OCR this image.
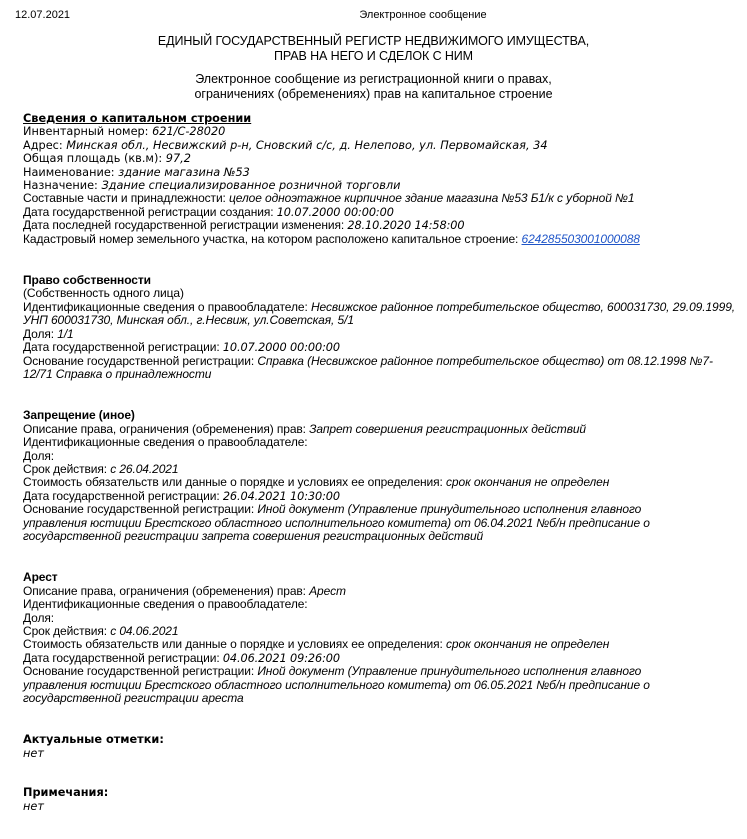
12.07.2021	Электронное сообщение
ЕДИНЫЙ ГОСУДАРСТВЕННЫЙ РЕГИСТР НЕДВИЖИМОГО ИМУЩЕСТВА,
ПРАВ НА НЕГО И СДЕЛОК С НИМ
Электронное сообщение из регистрационной книги о правах,
ограничениях (обременениях) прав на капитальное строение
Сведения о капитальном строении
Инвентарный номер: 621/C-28020
Адрес: Минская обл., Несвижский р-н, Сновский с/с, д. Нелепово, ул. Первомайская, 34
Общая площадь (кв.м): 97,2
Наименование: здание магазина №53
Назначение: Здание специализированное розничной торговли
Составные части и принадлежности: целое одноэтажное кирпичное здание магазина №53 Б1/к с уборной №1
Дата государственной регистрации создания: 10.07.2000 00:00:00
Дата последней государственной регистрации изменения: 28.10.2020 14:58:00
Кадастровый номер земельного участка, на котором расположено капитальное строение: 624285503001000088
Право собственности
(Собственность одного лица)
Идентификационные сведения о правообладателе: Несвижское районное потребительское общество, 600031730, 29.09.1999, УНП 600031730, Минская обл., г.Несвиж, ул.Советская, 5/1
Доля: 1/1
Дата государственной регистрации: 10.07.2000 00:00:00
Основание государственной регистрации: Справка (Несвижское районное потребительское общество) от 08.12.1998 №7-12/71 Справка о принадлежности
Запрещение (иное)
Описание права, ограничения (обременения) прав: Запрет совершения регистрационных действий
Идентификационные сведения о правообладателе:
Доля:
Срок действия: с 26.04.2021
Стоимость обязательств или данные о порядке и условиях ее определения: срок окончания не определен
Дата государственной регистрации: 26.04.2021 10:30:00
Основание государственной регистрации: Иной документ (Управление принудительного исполнения главного управления юстиции Брестского областного исполнительного комитета) от 06.04.2021 №б/н предписание о государственной регистрации запрета совершения регистрационных действий
Арест
Описание права, ограничения (обременения) прав: Арест
Идентификационные сведения о правообладателе:
Доля:
Срок действия: с 04.06.2021
Стоимость обязательств или данные о порядке и условиях ее определения: срок окончания не определен
Дата государственной регистрации: 04.06.2021 09:26:00
Основание государственной регистрации: Иной документ (Управление принудительного исполнения главного управления юстиции Брестского областного исполнительного комитета) от 06.05.2021 №б/н предписание о государственной регистрации ареста
Актуальные отметки:
нет
Примечания:
нет
